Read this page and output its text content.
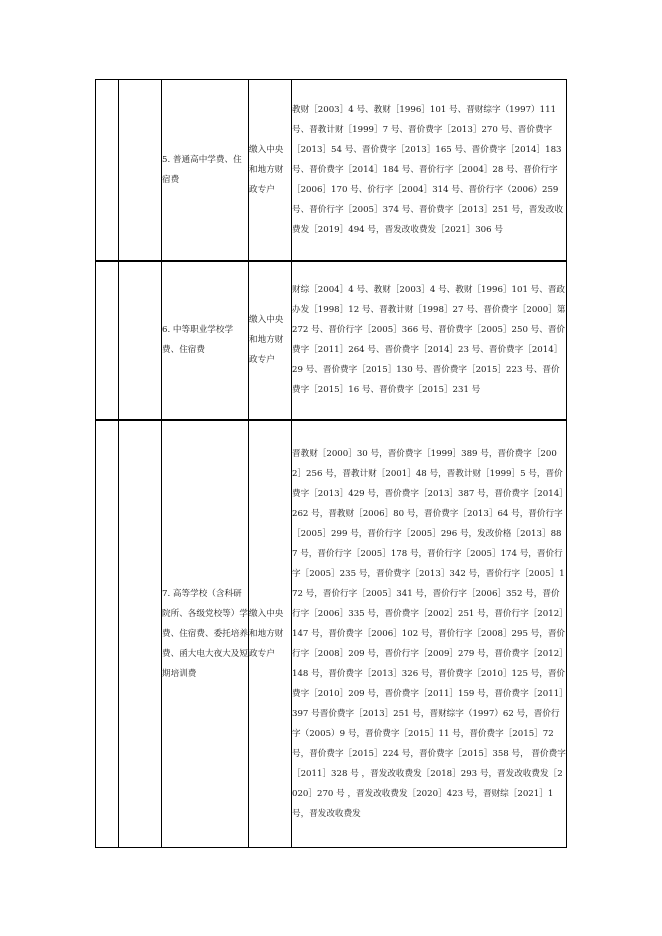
		5. 普通高中学费、住宿费	缴入中央和地方财政专户	教财［2003］4 号、教财［1996］101 号、晋财综字（1997）111 号、晋教计财［1999］7 号、晋价费字［2013］270 号、晋价费字［2013］54 号、晋价费字［2013］165 号、晋价费字［2014］183 号、晋价费字［2014］184 号、晋价行字［2004］28 号、晋价行字［2006］170 号、价行字［2004］314 号、晋价行字（2006）259 号、晋价行字［2005］374 号、晋价费字［2013］251 号，晋发改收费发［2019］494 号，晋发改收费发［2021］306 号
		6. 中等职业学校学费、住宿费	缴入中央和地方财政专户	财综［2004］4 号、教财［2003］4 号、教财［1996］101 号、晋政办发［1998］12 号、晋教计财［1998］27 号、晋价费字［2000］第 272 号、晋价行字［2005］366 号、晋价费字［2005］250 号、晋价费字［2011］264 号、晋价费字［2014］23 号、晋价费字［2014］29 号、晋价费字［2015］130 号、晋价费字［2015］223 号、晋价费字［2015］16 号、晋价费字［2015］231 号
		7. 高等学校（含科研院所、各级党校等）学费、住宿费、委托培养费、函大电大夜大及短期培训费	缴入中央和地方财政专户	晋教财［2000］30 号，晋价费字［1999］389 号，晋价费字［2002］256 号，晋教计财［2001］48 号，晋教计财［1999］5 号，晋价费字［2013］429 号，晋价费字［2013］387 号，晋价费字［2014］262 号，晋教财［2006］80 号，晋价费字［2013］64 号，晋价行字［2005］299 号，晋价行字［2005］296 号，发改价格［2013］887 号，晋价行字［2005］178 号，晋价行字［2005］174 号，晋价行字［2005］235 号，晋价费字［2013］342 号，晋价行字［2005］172 号，晋价行字［2005］341 号，晋价行字［2006］352 号，晋价行字［2006］335 号，晋价费字［2002］251 号，晋价行字［2012］147 号，晋价费字［2006］102 号，晋价行字［2008］295 号，晋价行字［2008］209 号，晋价行字［2009］279 号，晋价费字［2012］148 号，晋价费字［2013］326 号，晋价费字［2010］125 号，晋价费字［2010］209 号，晋价费字［2011］159 号，晋价费字［2011］397 号晋价费字［2013］251 号，晋财综字（1997）62 号，晋价行字（2005）9 号，晋价费字［2015］11 号，晋价费字［2015］72 号，晋价费字［2015］224 号，晋价费字［2015］358 号， 晋价费字［2011］328 号 ，晋发改收费发［2018］293 号，晋发改收费发［2020］270 号 ，晋发改收费发［2020］423 号，晋财综［2021］1 号，晋发改收费发
